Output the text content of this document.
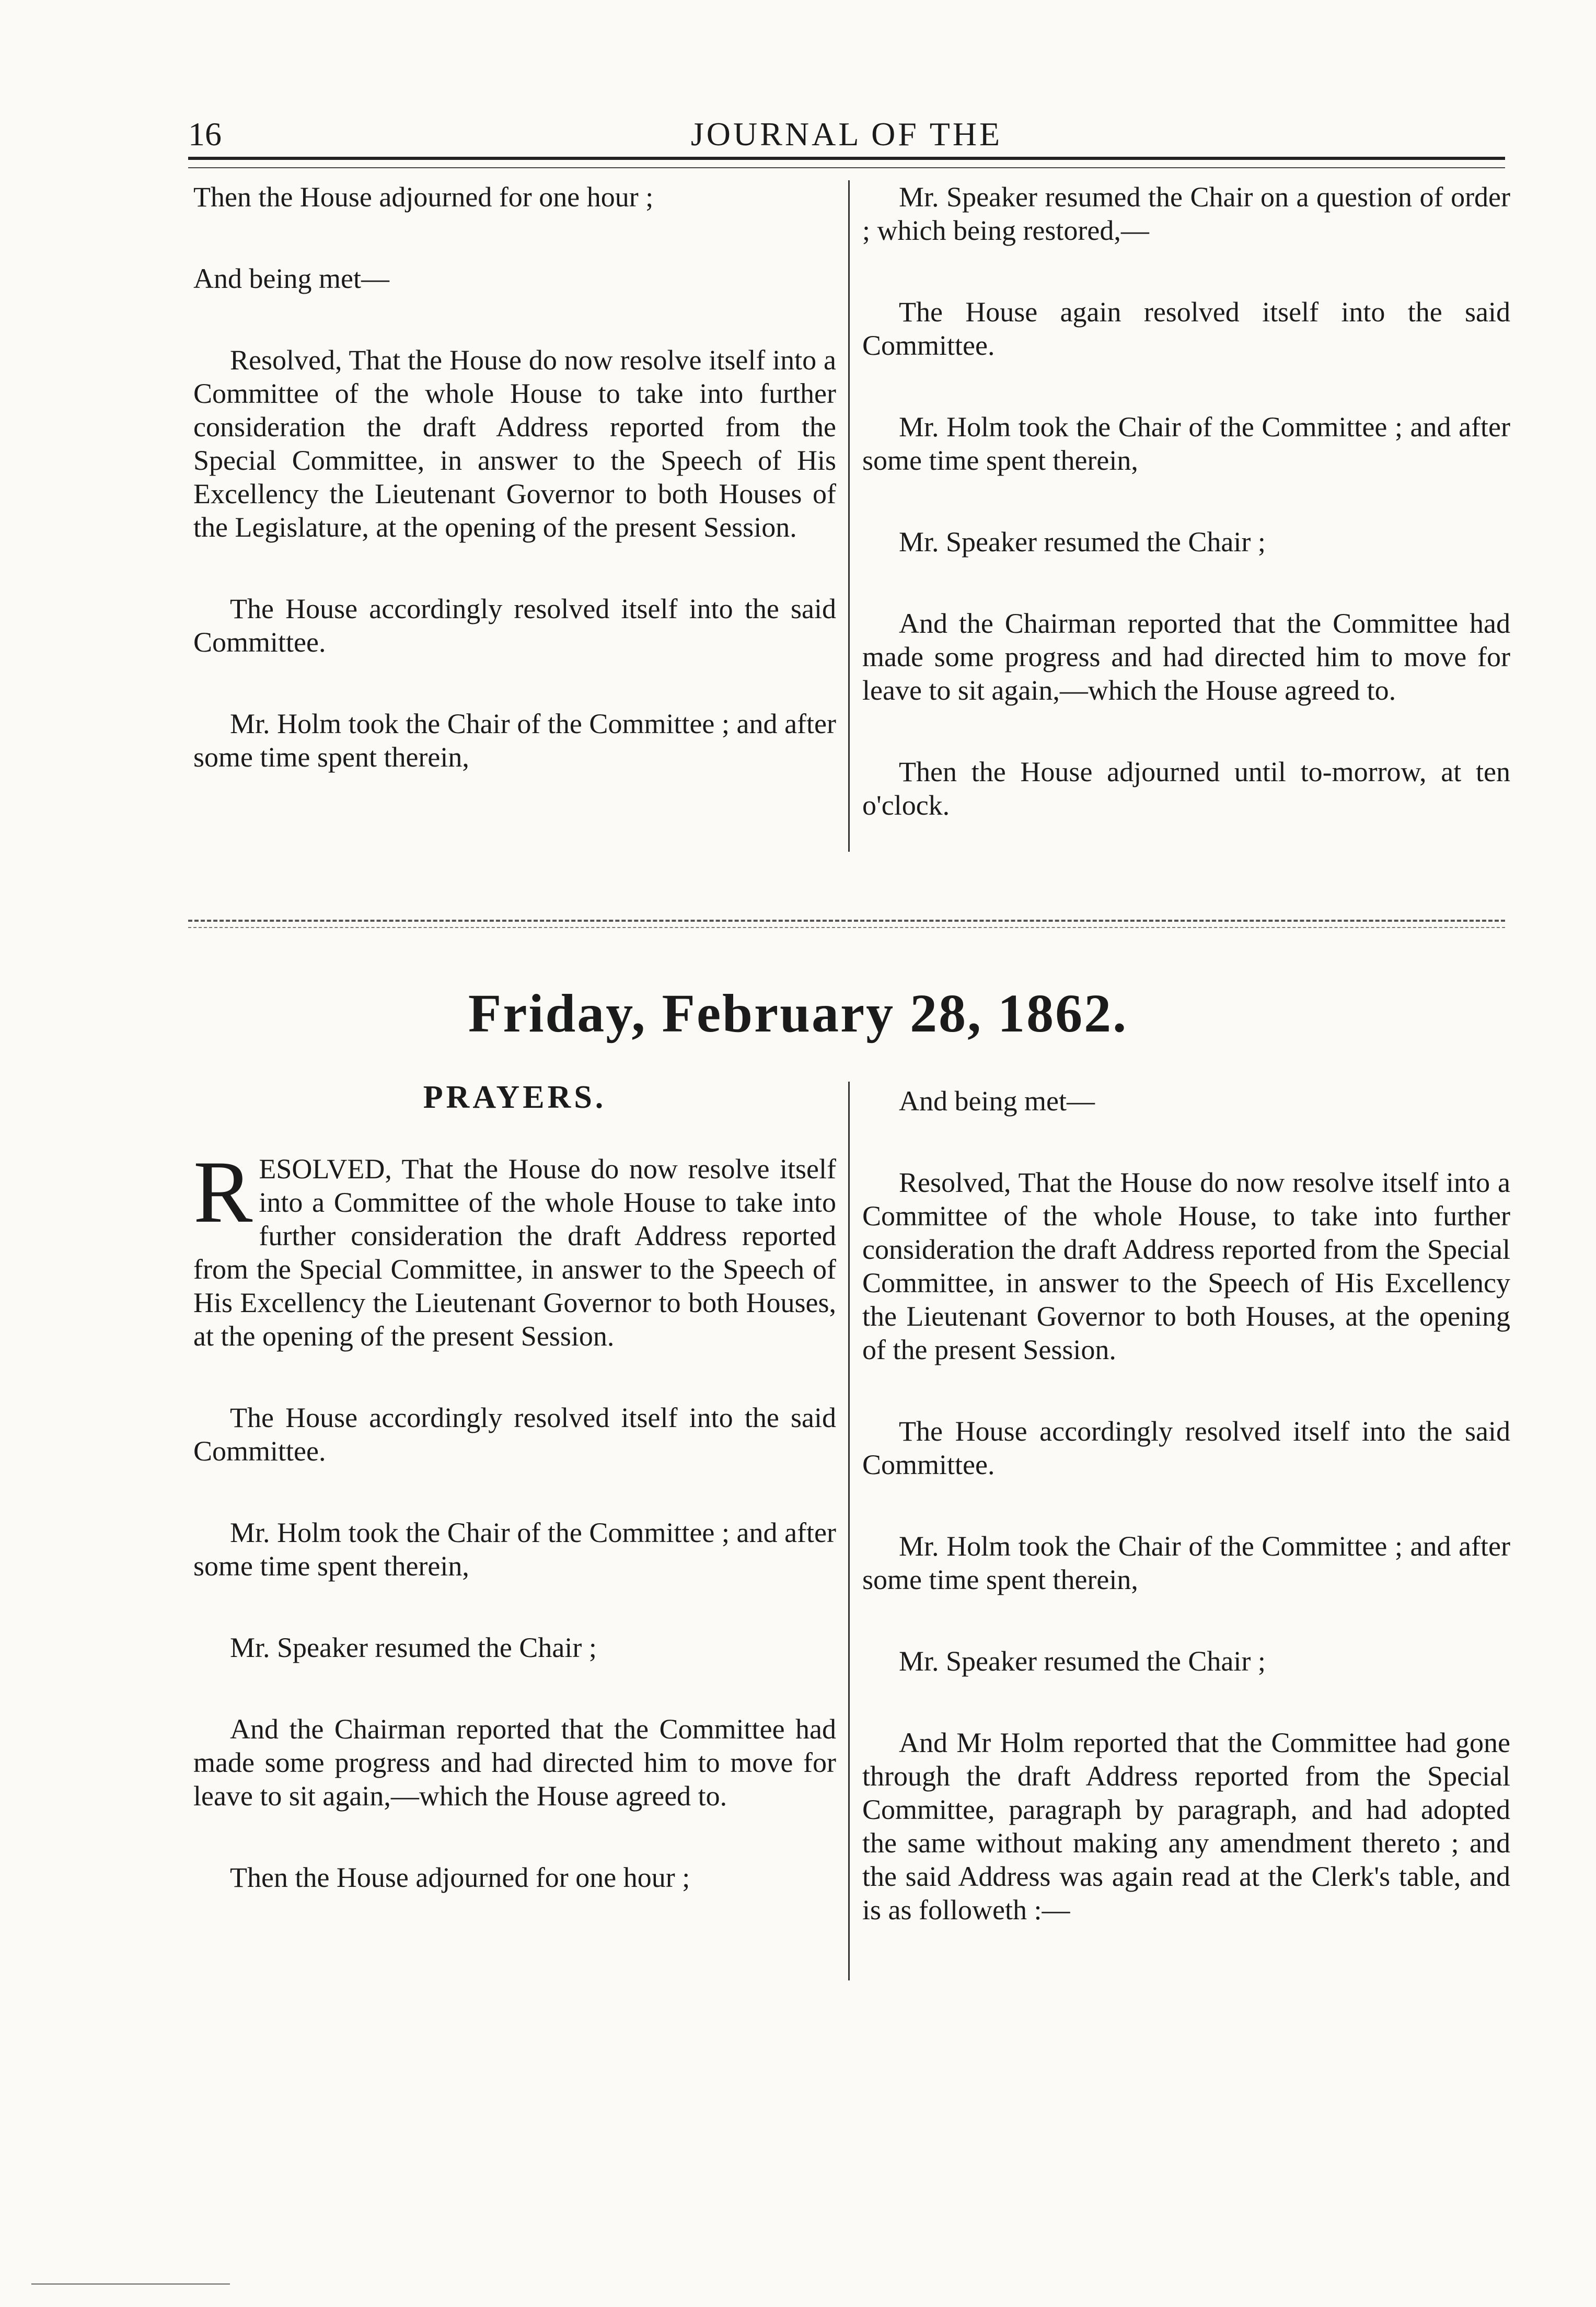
16	JOURNAL OF THE

Then the House adjourned for one hour ;

And being met—

Resolved, That the House do now resolve itself into a Committee of the whole House to take into further consideration the draft Address reported from the Special Committee, in answer to the Speech of His Excellency the Lieutenant Governor to both Houses of the Legislature, at the opening of the present Session.

The House accordingly resolved itself into the said Committee.

Mr. Holm took the Chair of the Committee ; and after some time spent therein,

Mr. Speaker resumed the Chair on a question of order ; which being restored,—

The House again resolved itself into the said Committee.

Mr. Holm took the Chair of the Committee ; and after some time spent therein,

Mr. Speaker resumed the Chair ;

And the Chairman reported that the Committee had made some progress and had directed him to move for leave to sit again,—which the House agreed to.

Then the House adjourned until to-morrow, at ten o'clock.

Friday, February 28, 1862.
PRAYERS.

RESOLVED, That the House do now resolve itself into a Committee of the whole House to take into further consideration the draft Address reported from the Special Committee, in answer to the Speech of His Excellency the Lieutenant Governor to both Houses, at the opening of the present Session.

The House accordingly resolved itself into the said Committee.

Mr. Holm took the Chair of the Committee ; and after some time spent therein,

Mr. Speaker resumed the Chair ;

And the Chairman reported that the Committee had made some progress and had directed him to move for leave to sit again,—which the House agreed to.

Then the House adjourned for one hour ;

And being met—

Resolved, That the House do now resolve itself into a Committee of the whole House, to take into further consideration the draft Address reported from the Special Committee, in answer to the Speech of His Excellency the Lieutenant Governor to both Houses, at the opening of the present Session.

The House accordingly resolved itself into the said Committee.

Mr. Holm took the Chair of the Committee ; and after some time spent therein,

Mr. Speaker resumed the Chair ;

And Mr Holm reported that the Committee had gone through the draft Address reported from the Special Committee, paragraph by paragraph, and had adopted the same without making any amendment thereto ; and the said Address was again read at the Clerk's table, and is as followeth :—
